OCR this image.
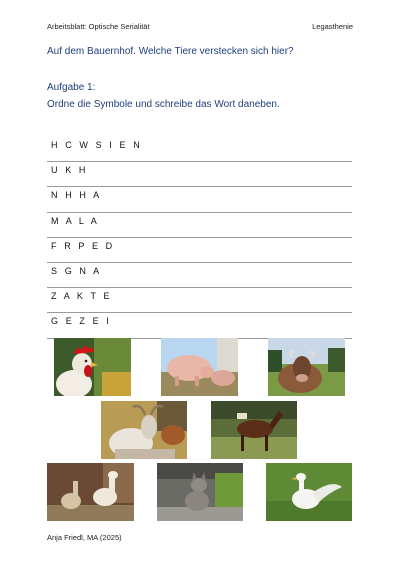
Arbeitsblatt: Optische Serialität	Legasthenie
Auf dem Bauernhof. Welche Tiere verstecken sich hier?
Aufgabe 1:
Ordne die Symbole und schreibe das Wort daneben.
H C W S I E N
U K H
N H H A
M A L A
F R P E D
S G N A
Z A K T E
G E Z E I
Anja Friedl, MA (2025)
